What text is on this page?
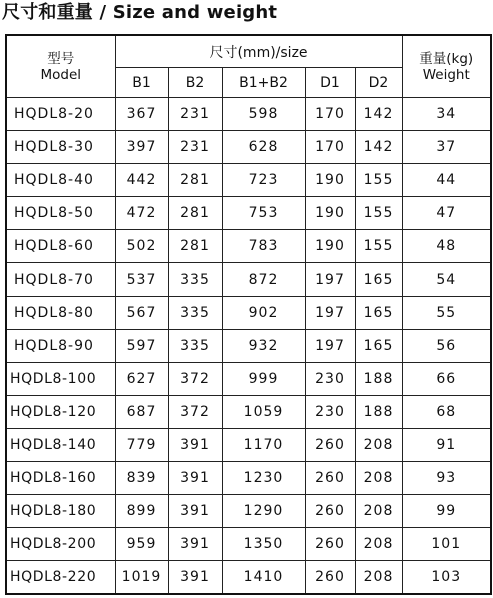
尺寸和重量 / Size and weight
型号
Model	尺寸(mm)/size					重量(kg)
Weight

	B1	B2	B1+B2	D1	D2	
HQDL8-20	367	231	598	170	142	34
HQDL8-30	397	231	628	170	142	37
HQDL8-40	442	281	723	190	155	44
HQDL8-50	472	281	753	190	155	47
HQDL8-60	502	281	783	190	155	48
HQDL8-70	537	335	872	197	165	54
HQDL8-80	567	335	902	197	165	55
HQDL8-90	597	335	932	197	165	56
HQDL8-100	627	372	999	230	188	66
HQDL8-120	687	372	1059	230	188	68
HQDL8-140	779	391	1170	260	208	91
HQDL8-160	839	391	1230	260	208	93
HQDL8-180	899	391	1290	260	208	99
HQDL8-200	959	391	1350	260	208	101
HQDL8-220	1019	391	1410	260	208	103
